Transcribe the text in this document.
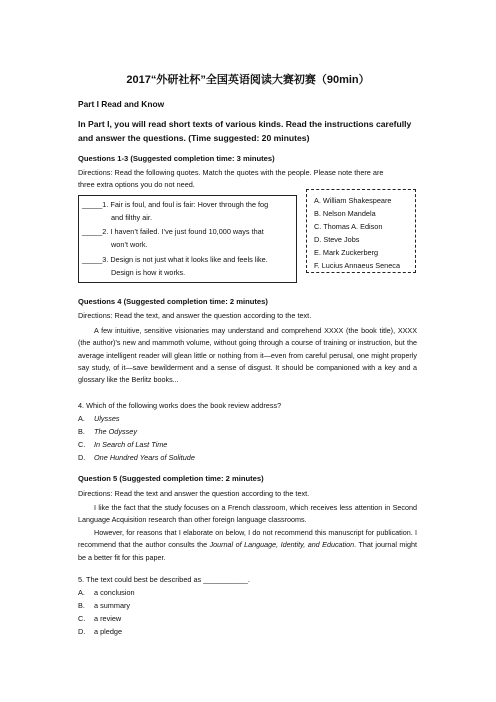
2017“外研社杯”全国英语阅读大赛初赛（90min）
Part I Read and Know
In Part I, you will read short texts of various kinds. Read the instructions carefully
and answer the questions. (Time suggested: 20 minutes)
Questions 1-3 (Suggested completion time: 3 minutes)
Directions: Read the following quotes. Match the quotes with the people. Please note there are
three extra options you do not need.
_____1. Fair is foul, and foul is fair: Hover through the fog
and filthy air.
_____2. I haven’t failed. I’ve just found 10,000 ways that
won’t work.
_____3. Design is not just what it looks like and feels like.
Design is how it works.
A. William Shakespeare
B. Nelson Mandela
C. Thomas A. Edison
D. Steve Jobs
E. Mark Zuckerberg
F. Lucius Annaeus Seneca
Questions 4 (Suggested completion time: 2 minutes)
Directions: Read the text, and answer the question according to the text.
A few intuitive, sensitive visionaries may understand and comprehend XXXX (the book title), XXXX (the author)’s new and mammoth volume, without going through a course of training or instruction, but the average intelligent reader will glean little or nothing from it—even from careful perusal, one might properly say study, of it—save bewilderment and a sense of disgust. It should be companioned with a key and a glossary like the Berlitz books...
4. Which of the following works does the book review address?
A. Ulysses
B. The Odyssey
C. In Search of Last Time
D. One Hundred Years of Solitude
Question 5 (Suggested completion time: 2 minutes)
Directions: Read the text and answer the question according to the text.
I like the fact that the study focuses on a French classroom, which receives less attention in Second Language Acquisition research than other foreign language classrooms.
However, for reasons that I elaborate on below, I do not recommend this manuscript for publication. I recommend that the author consults the Journal of Language, Identity, and Education. That journal might be a better fit for this paper.
5. The text could best be described as ___________.
A. a conclusion
B. a summary
C. a review
D. a pledge
